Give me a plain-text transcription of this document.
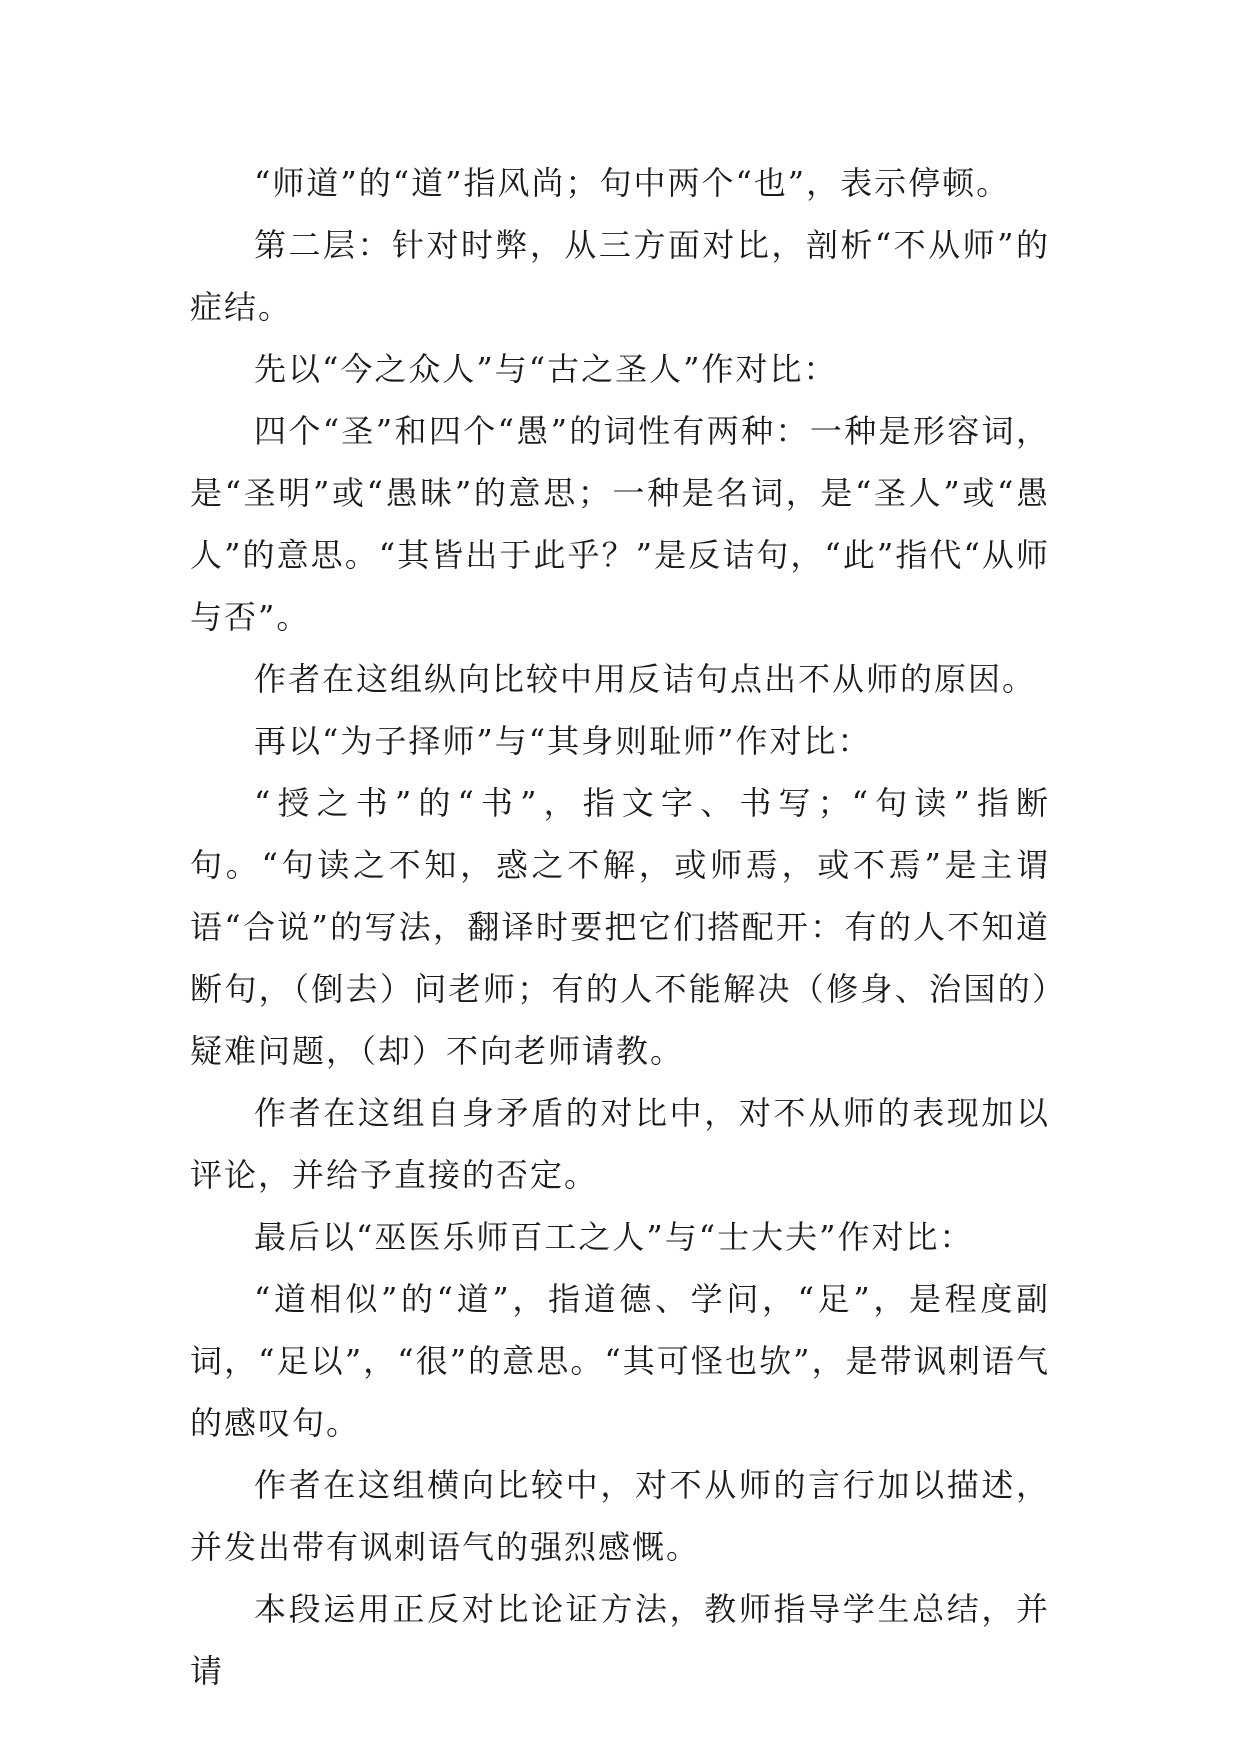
“师道”的“道”指风尚；句中两个“也”，表示停顿。

第二层：针对时弊，从三方面对比，剖析“不从师”的症结。

先以“今之众人”与“古之圣人”作对比：

四个“圣”和四个“愚”的词性有两种：一种是形容词，是“圣明”或“愚昧”的意思；一种是名词，是“圣人”或“愚人”的意思。“其皆出于此乎？”是反诘句，“此”指代“从师与否”。

作者在这组纵向比较中用反诘句点出不从师的原因。

再以“为子择师”与“其身则耻师”作对比：

“授之书”的“书”，指文字、书写；“句读”指断句。“句读之不知，惑之不解，或师焉，或不焉”是主谓语“合说”的写法，翻译时要把它们搭配开：有的人不知道断句，（倒去）问老师；有的人不能解决（修身、治国的）疑难问题，（却）不向老师请教。

作者在这组自身矛盾的对比中，对不从师的表现加以评论，并给予直接的否定。

最后以“巫医乐师百工之人”与“士大夫”作对比：

“道相似”的“道”，指道德、学问，“足”，是程度副词，“足以”，“很”的意思。“其可怪也欤”，是带讽刺语气的感叹句。

作者在这组横向比较中，对不从师的言行加以描述，并发出带有讽刺语气的强烈感慨。

本段运用正反对比论证方法，教师指导学生总结，并请
